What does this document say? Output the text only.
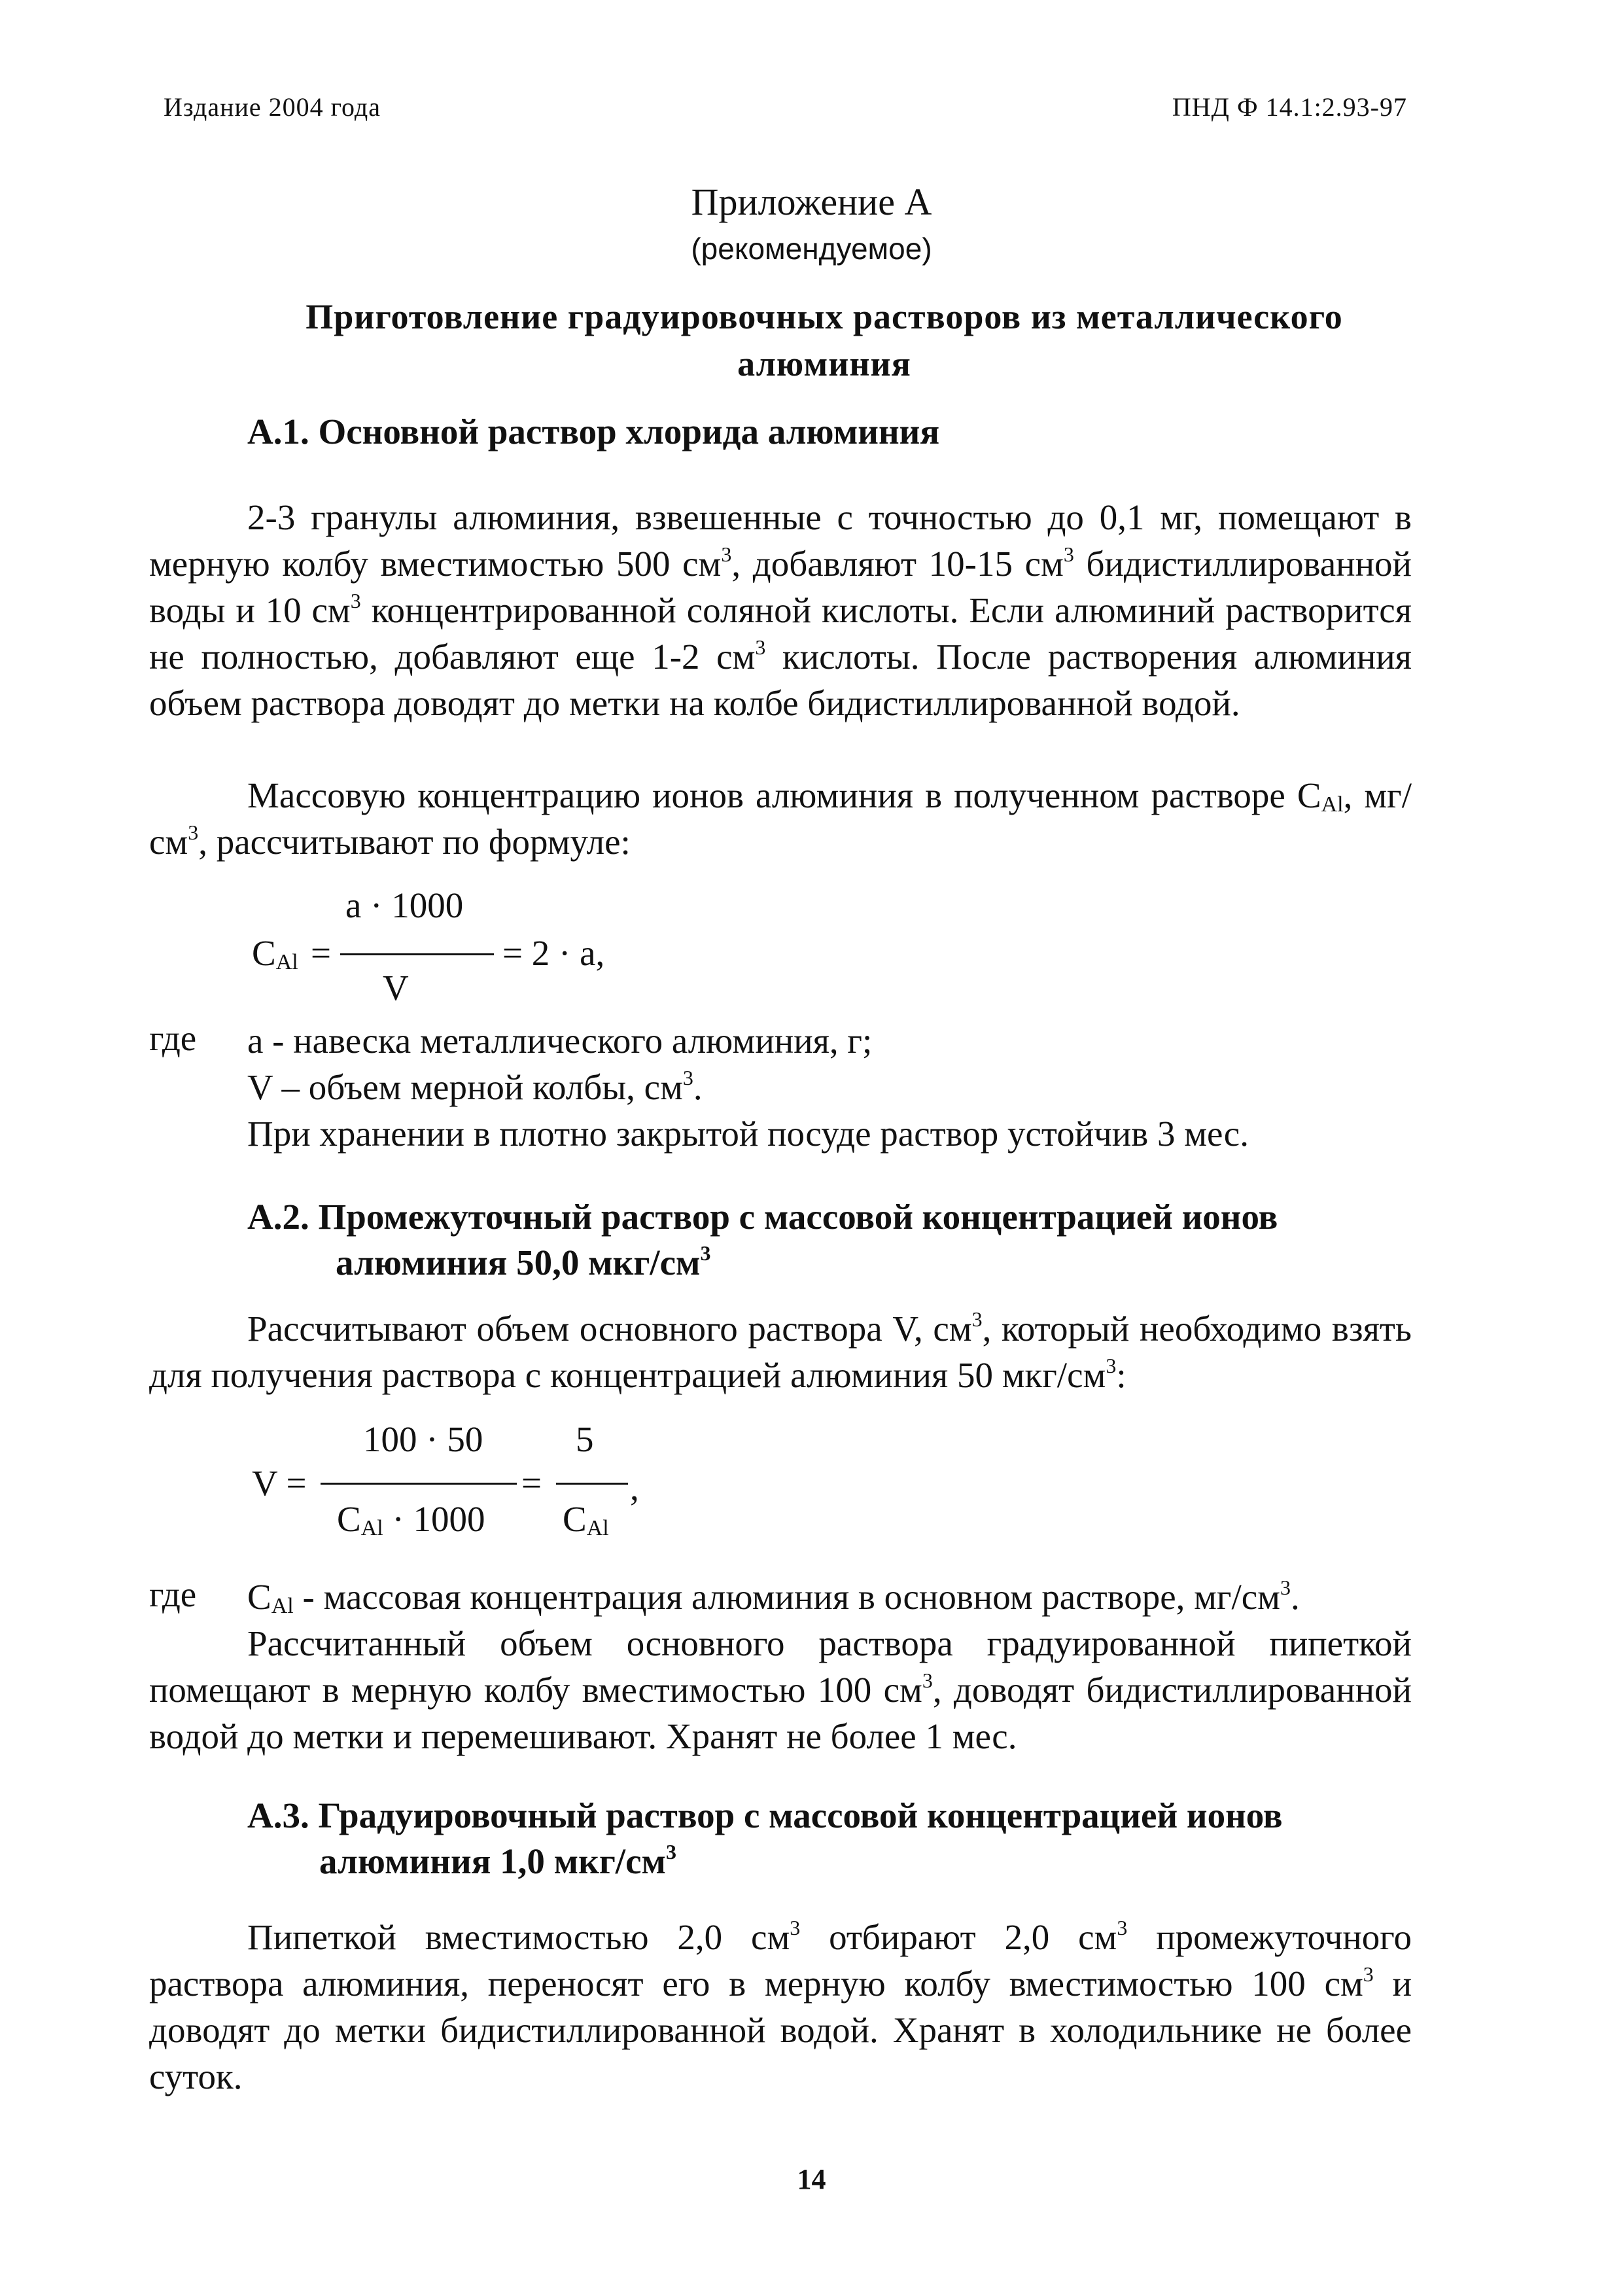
Издание 2004 года	ПНД Ф 14.1:2.93-97
Приложение А
(рекомендуемое)
Приготовление градуировочных растворов из металлического алюминия
А.1. Основной раствор хлорида алюминия
2-3 гранулы алюминия, взвешенные с точностью до 0,1 мг, помещают в мерную колбу вместимостью 500 $см^3$, добавляют 10-15 $см^3$ бидистиллированной воды и 10 $см^3$ концентрированной соляной кислоты. Если алюминий растворится не полностью, добавляют еще 1-2 $см^3$ кислоты. После растворения алюминия объем раствора доводят до метки на колбе бидистиллированной водой.
Массовую концентрацию ионов алюминия в полученном растворе $C_{Al}$, $мг/см^3$, рассчитывают по формуле:
a · 1000
$C_{Al}$ =	= 2 · a,
V
где a - навеска металлического алюминия, г;
V – объем мерной колбы, $см^3$.
При хранении в плотно закрытой посуде раствор устойчив 3 мес.
А.2. Промежуточный раствор с массовой концентрацией ионов
алюминия 50,0 мкг/$см^3$
Рассчитывают объем основного раствора V, $см^3$, который необходимо взять для получения раствора с концентрацией алюминия 50 мкг/$см^3$:
100 · 50	5
V =	= ,
$C_{Al} \cdot 1000$ $C_{Al}$
где $C_{Al}$ - массовая концентрация алюминия в основном растворе, $мг/см^3$.
Рассчитанный объем основного раствора градуированной пипеткой помещают в мерную колбу вместимостью 100 $см^3$, доводят бидистиллированной водой до метки и перемешивают. Хранят не более 1 мес.
А.3. Градуировочный раствор с массовой концентрацией ионов
алюминия 1,0 мкг/$см^3$
Пипеткой вместимостью 2,0 $см^3$ отбирают 2,0 $см^3$ промежуточного раствора алюминия, переносят его в мерную колбу вместимостью 100 $см^3$ и доводят до метки бидистиллированной водой. Хранят в холодильнике не более суток.
14
